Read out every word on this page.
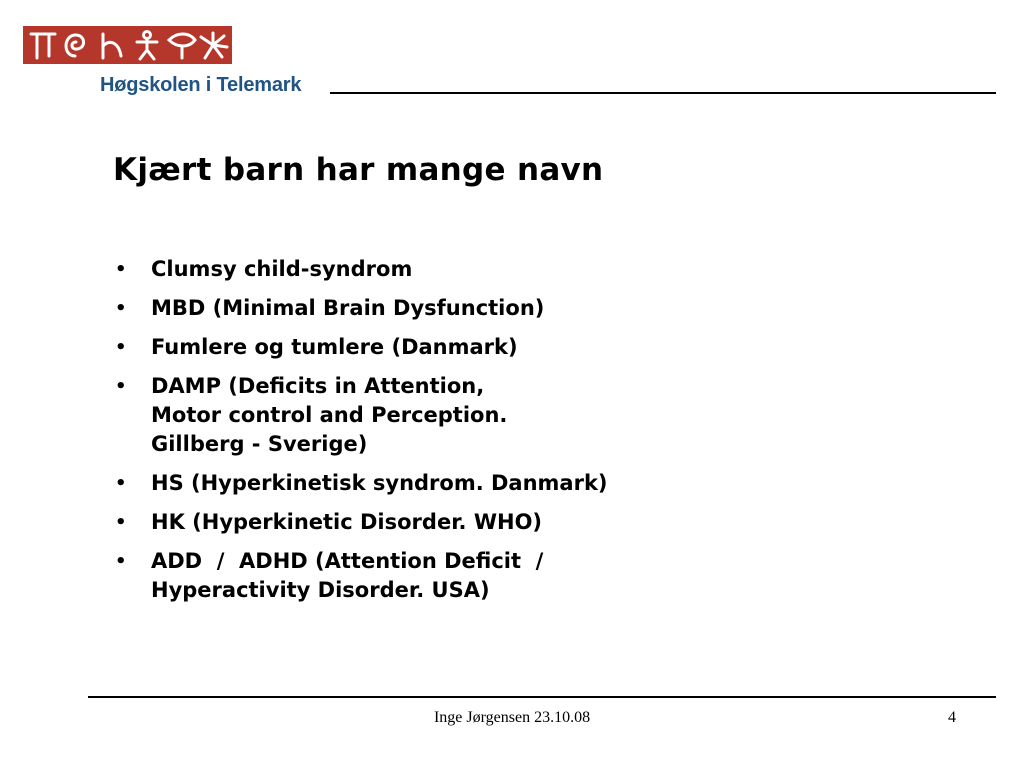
Høgskolen i Telemark
Kjært barn har mange navn
• Clumsy child-syndrom
• MBD (Minimal Brain Dysfunction)
• Fumlere og tumlere (Danmark)
• DAMP (Deficits in Attention,
Motor control and Perception.
Gillberg - Sverige)
• HS (Hyperkinetisk syndrom. Danmark)
• HK (Hyperkinetic Disorder. WHO)
• ADD  /  ADHD (Attention Deficit  /
Hyperactivity Disorder. USA)
Inge Jørgensen 23.10.08	4
